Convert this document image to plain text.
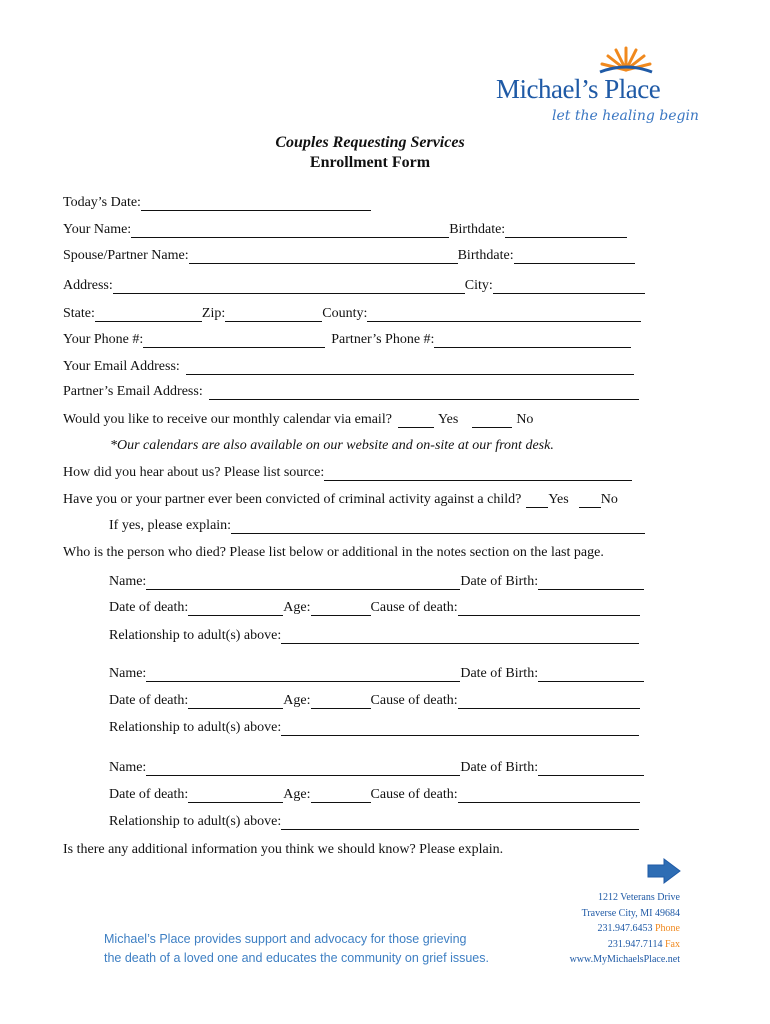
Michael’s Place
let the healing begin
Couples Requesting Services
Enrollment Form
Today’s Date:
Your Name:	Birthdate:
Spouse/Partner Name:	Birthdate:
Address:	City:
State:	Zip:	County:
Your Phone #:	Partner’s Phone #:
Your Email Address:
Partner’s Email Address:
Would you like to receive our monthly calendar via email?	Yes	No
*Our calendars are also available on our website and on-site at our front desk.
How did you hear about us? Please list source:
Have you or your partner ever been convicted of criminal activity against a child? Yes No
If yes, please explain:
Who is the person who died? Please list below or additional in the notes section on the last page.
Name:	Date of Birth:
Date of death:	Age:	Cause of death:
Relationship to adult(s) above:
Name:	Date of Birth:
Date of death:	Age:	Cause of death:
Relationship to adult(s) above:
Name:	Date of Birth:
Date of death:	Age:	Cause of death:
Relationship to adult(s) above:
Is there any additional information you think we should know? Please explain.
Michael’s Place provides support and advocacy for those grieving
the death of a loved one and educates the community on grief issues.
1212 Veterans Drive
Traverse City, MI 49684
231.947.6453 Phone
231.947.7114 Fax
www.MyMichaelsPlace.net
